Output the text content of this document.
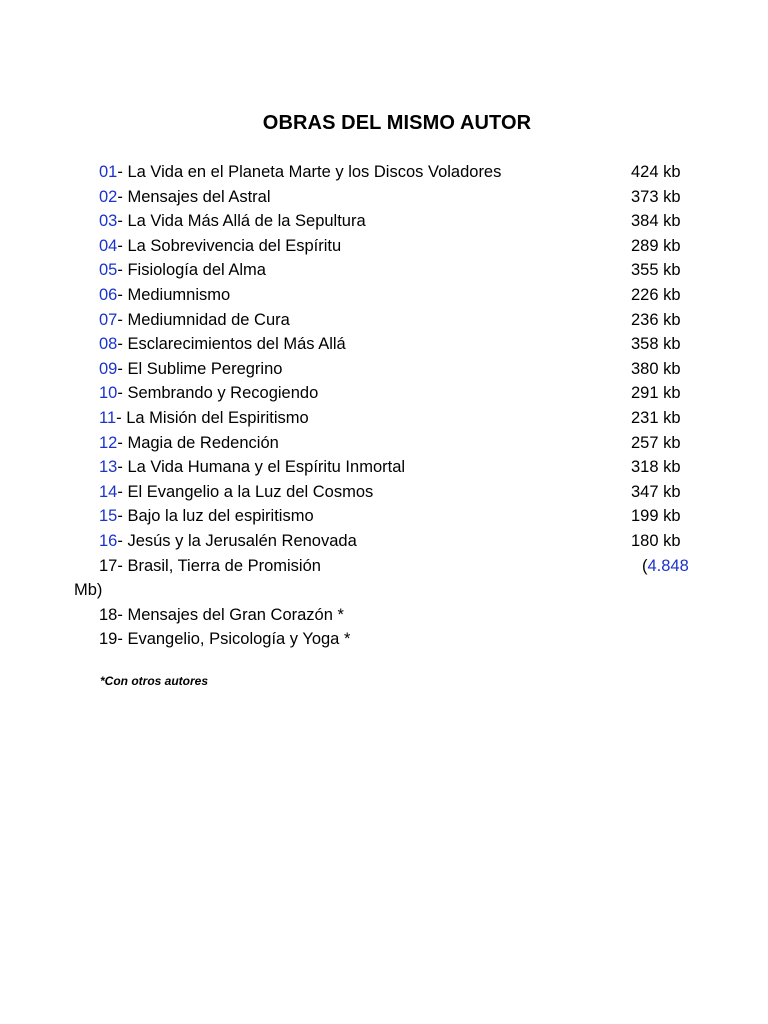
OBRAS DEL MISMO AUTOR
01- La Vida en el Planeta Marte y los Discos Voladores	424 kb
02- Mensajes del Astral	373 kb
03- La Vida Más Allá de la Sepultura	384 kb
04- La Sobrevivencia del Espíritu	289 kb
05- Fisiología del Alma	355 kb
06- Mediumnismo	226 kb
07- Mediumnidad de Cura	236 kb
08- Esclarecimientos del Más Allá	358 kb
09- El Sublime Peregrino	380 kb
10- Sembrando y Recogiendo	291 kb
11- La Misión del Espiritismo	231 kb
12- Magia de Redención	257 kb
13- La Vida Humana y el Espíritu Inmortal	318 kb
14- El Evangelio a la Luz del Cosmos	347 kb
15- Bajo la luz del espiritismo	199 kb
16- Jesús y la Jerusalén Renovada	180 kb
17- Brasil, Tierra de Promisión	(4.848
Mb)
18- Mensajes del Gran Corazón *
19- Evangelio, Psicología y Yoga *
*Con otros autores
